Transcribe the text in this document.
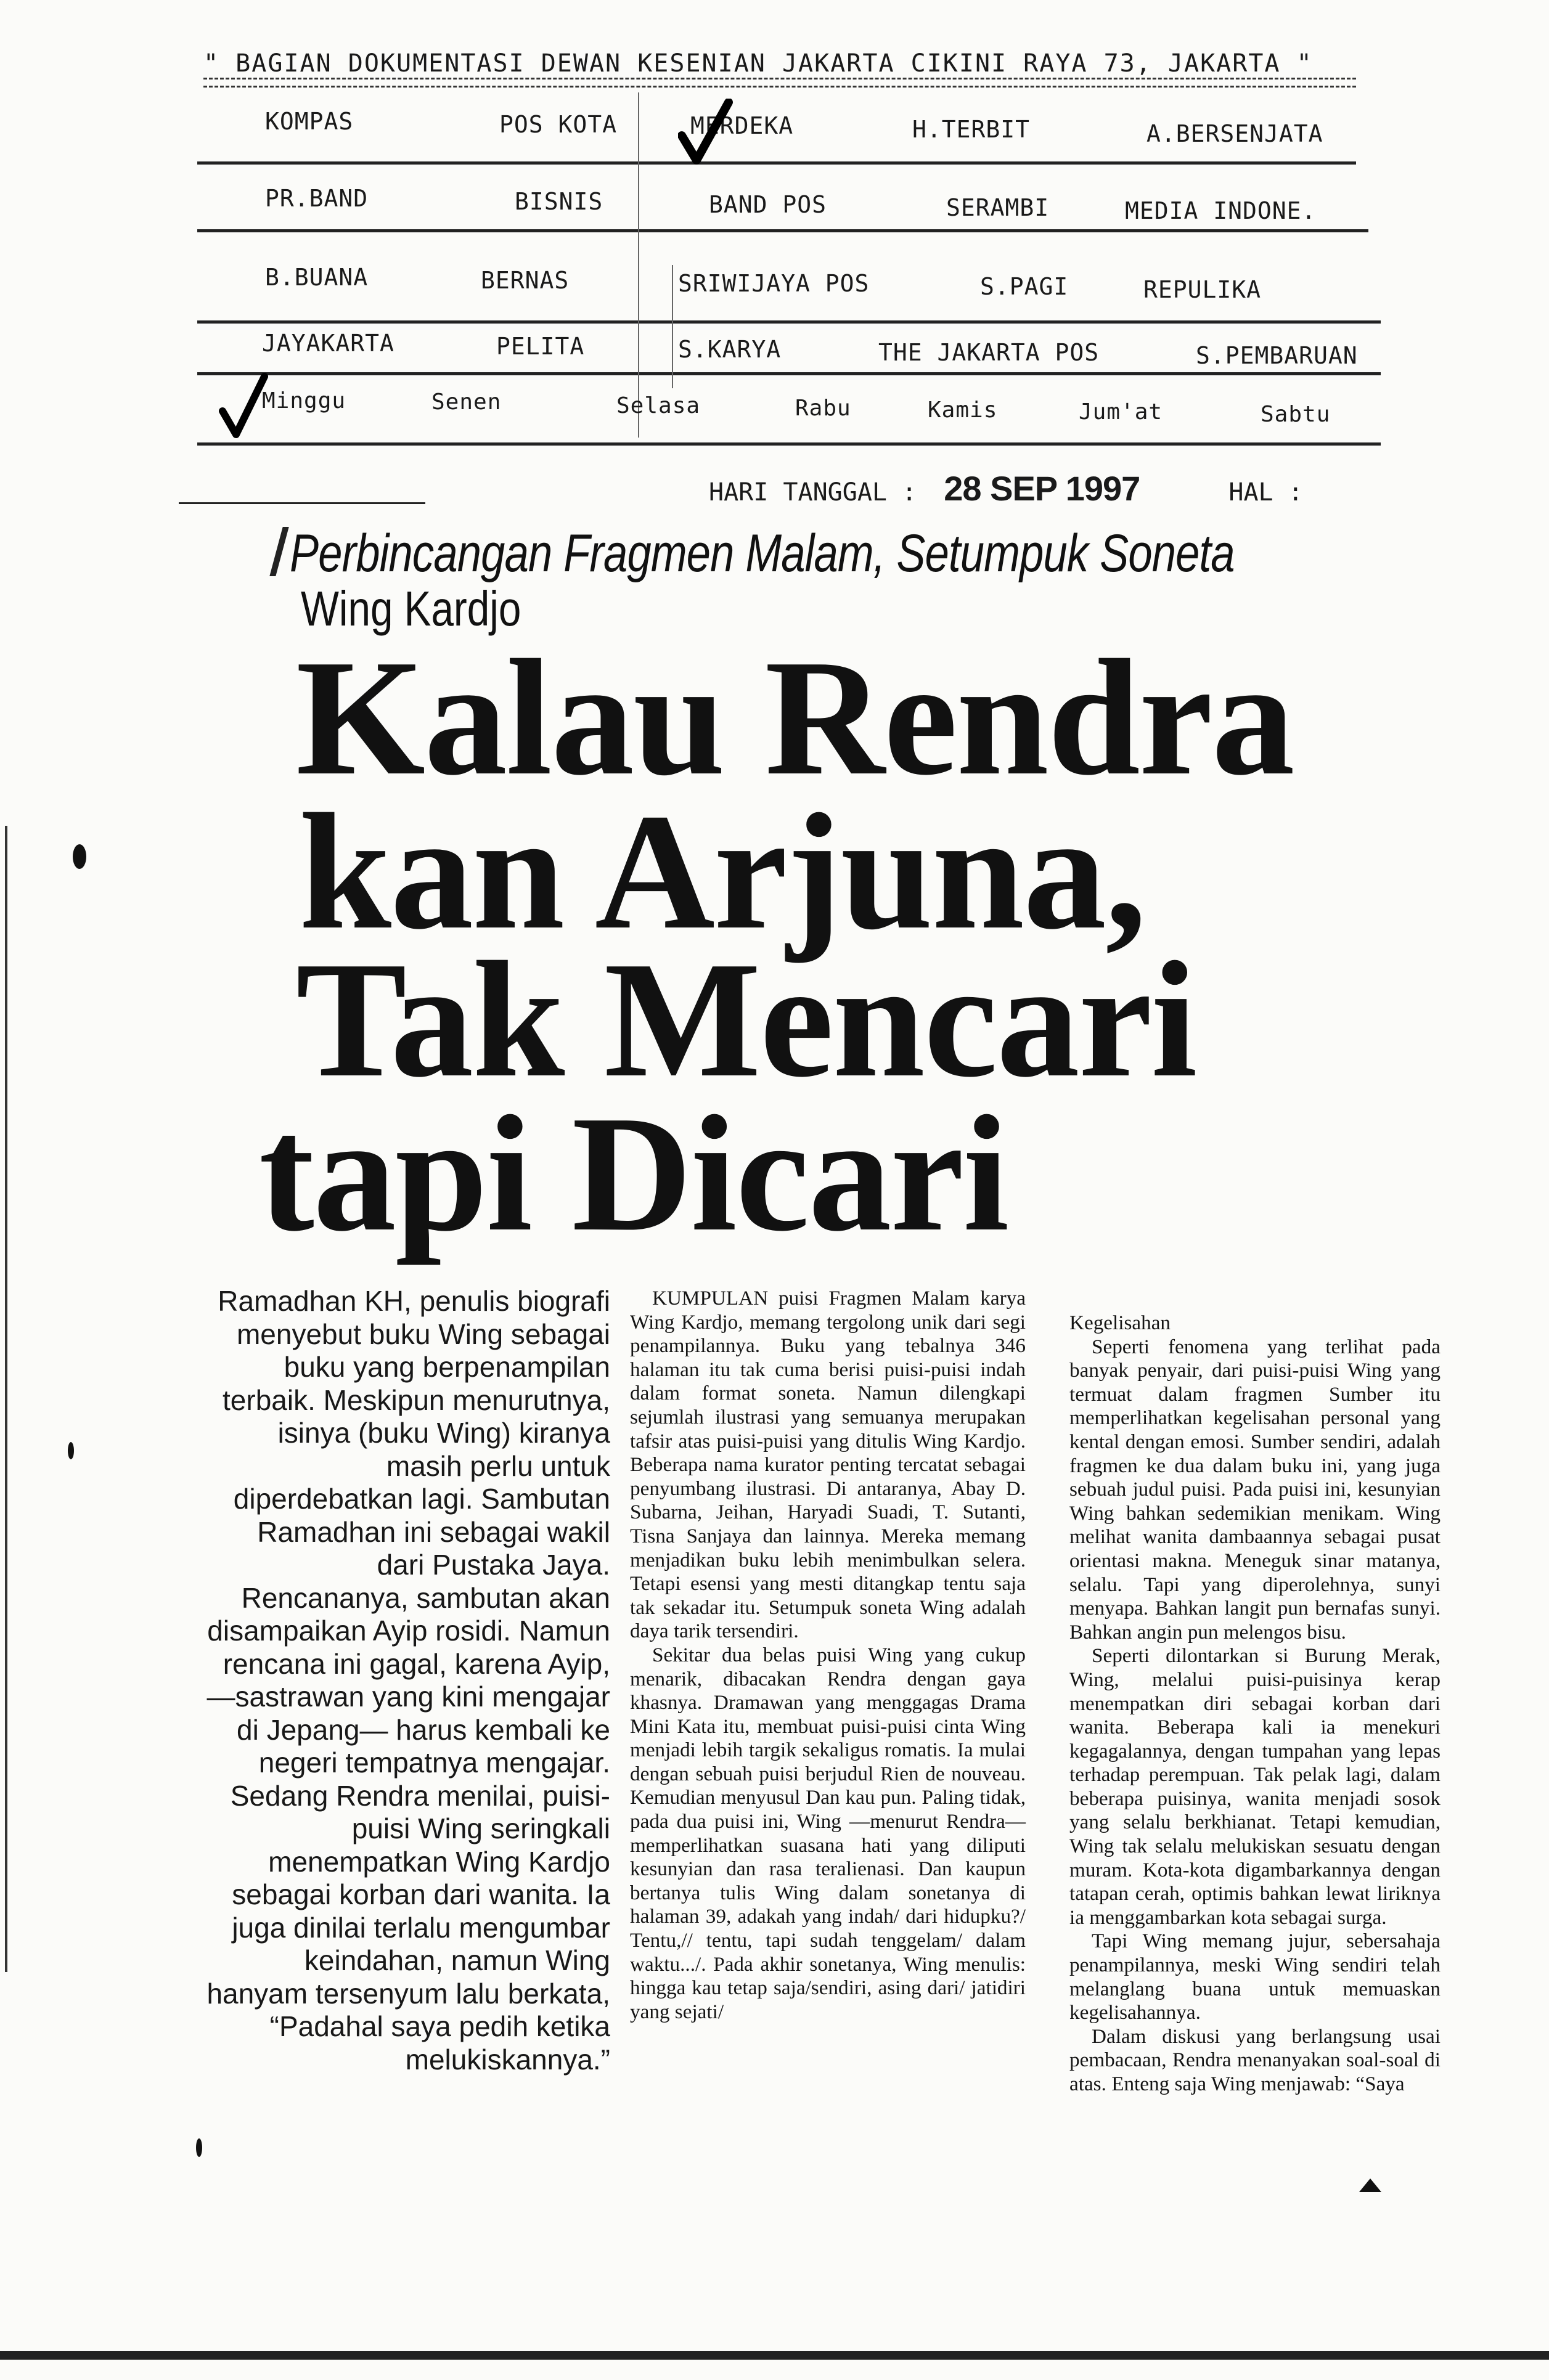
" BAGIAN DOKUMENTASI DEWAN KESENIAN JAKARTA CIKINI RAYA 73, JAKARTA "
KOMPAS	POS KOTA	MERDEKA	H.TERBIT	A.BERSENJATA
PR.BAND	BISNIS	BAND POS	SERAMBI	MEDIA INDONE.
B.BUANA	BERNAS	SRIWIJAYA POS	S.PAGI	REPULIKA
JAYAKARTA	PELITA	S.KARYA	THE JAKARTA POS	S.PEMBARUAN
Minggu	Senen	Selasa	Rabu	Kamis	Jum'at	Sabtu
HARI TANGGAL : 28 SEP 1997	HAL :
Perbincangan Fragmen Malam, Setumpuk Soneta
Wing Kardjo
Kalau Rendra
kan Arjuna,
Tak Mencari
tapi Dicari
Ramadhan KH, penulis biografi menyebut buku Wing sebagai buku yang berpenampilan terbaik. Meskipun menurutnya, isinya (buku Wing) kiranya masih perlu untuk diperdebatkan lagi. Sambutan Ramadhan ini sebagai wakil dari Pustaka Jaya. Rencananya, sambutan akan disampaikan Ayip rosidi. Namun rencana ini gagal, karena Ayip, —sastrawan yang kini mengajar di Jepang— harus kembali ke negeri tempatnya mengajar. Sedang Rendra menilai, puisi-puisi Wing seringkali menempatkan Wing Kardjo sebagai korban dari wanita. Ia juga dinilai terlalu mengumbar keindahan, namun Wing hanyam tersenyum lalu berkata, “Padahal saya pedih ketika melukiskannya.”

KUMPULAN puisi Fragmen Malam karya Wing Kardjo, memang tergolong unik dari segi penampilannya. Buku yang tebalnya 346 halaman itu tak cuma berisi puisi-puisi indah dalam format soneta. Namun dilengkapi sejumlah ilustrasi yang semuanya merupakan tafsir atas puisi-puisi yang ditulis Wing Kardjo. Beberapa nama kurator penting tercatat sebagai penyumbang ilustrasi. Di antaranya, Abay D. Subarna, Jeihan, Haryadi Suadi, T. Sutanti, Tisna Sanjaya dan lainnya. Mereka memang menjadikan buku lebih menimbulkan selera. Tetapi esensi yang mesti ditangkap tentu saja tak sekadar itu. Setumpuk soneta Wing adalah daya tarik tersendiri.

Sekitar dua belas puisi Wing yang cukup menarik, dibacakan Rendra dengan gaya khasnya. Dramawan yang menggagas Drama Mini Kata itu, membuat puisi-puisi cinta Wing menjadi lebih targik sekaligus romatis. Ia mulai dengan sebuah puisi berjudul Rien de nouveau. Kemudian menyusul Dan kau pun. Paling tidak, pada dua puisi ini, Wing —menurut Rendra— memperlihatkan suasana hati yang diliputi kesunyian dan rasa teralienasi. Dan kaupun bertanya tulis Wing dalam sonetanya di halaman 39, adakah yang indah/ dari hidupku?/ Tentu,// tentu, tapi sudah tenggelam/ dalam waktu.../. Pada akhir sonetanya, Wing menulis: hingga kau tetap saja/sendiri, asing dari/ jatidiri yang sejati/

Kegelisahan

Seperti fenomena yang terlihat pada banyak penyair, dari puisi-puisi Wing yang termuat dalam fragmen Sumber itu memperlihatkan kegelisahan personal yang kental dengan emosi. Sumber sendiri, adalah fragmen ke dua dalam buku ini, yang juga sebuah judul puisi. Pada puisi ini, kesunyian Wing bahkan sedemikian menikam. Wing melihat wanita dambaannya sebagai pusat orientasi makna. Meneguk sinar matanya, selalu. Tapi yang diperolehnya, sunyi menyapa. Bahkan langit pun bernafas sunyi. Bahkan angin pun melengos bisu.

Seperti dilontarkan si Burung Merak, Wing, melalui puisi-puisinya kerap menempatkan diri sebagai korban dari wanita. Beberapa kali ia menekuri kegagalannya, dengan tumpahan yang lepas terhadap perempuan. Tak pelak lagi, dalam beberapa puisinya, wanita menjadi sosok yang selalu berkhianat. Tetapi kemudian, Wing tak selalu melukiskan sesuatu dengan muram. Kota-kota digambarkannya dengan tatapan cerah, optimis bahkan lewat liriknya ia menggambarkan kota sebagai surga.

Tapi Wing memang jujur, sebersahaja penampilannya, meski Wing sendiri telah melanglang buana untuk memuaskan kegelisahannya.

Dalam diskusi yang berlangsung usai pembacaan, Rendra menanyakan soal-soal di atas. Enteng saja Wing menjawab: “Saya
